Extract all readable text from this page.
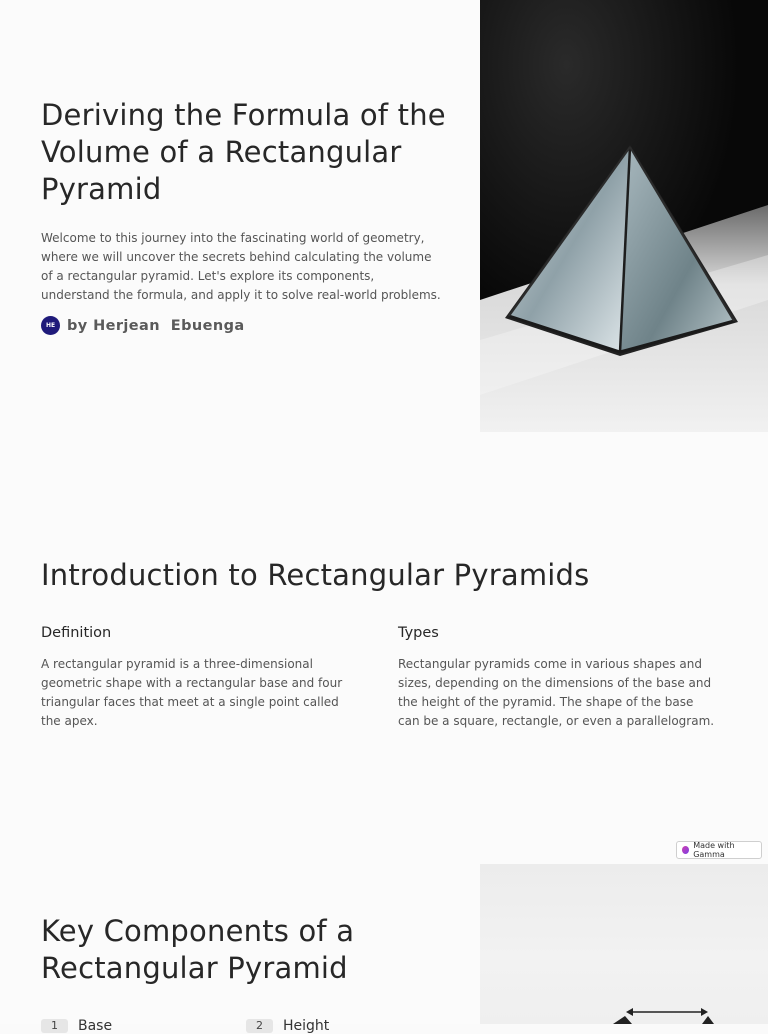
Deriving the Formula of the Volume of a Rectangular Pyramid

Welcome to this journey into the fascinating world of geometry, where we will uncover the secrets behind calculating the volume of a rectangular pyramid. Let's explore its components, understand the formula, and apply it to solve real-world problems.

HE by Herjean  Ebuenga
Introduction to Rectangular Pyramids
Definition

A rectangular pyramid is a three-dimensional geometric shape with a rectangular base and four triangular faces that meet at a single point called the apex.

Types

Rectangular pyramids come in various shapes and sizes, depending on the dimensions of the base and the height of the pyramid. The shape of the base can be a square, rectangle, or even a parallelogram.

Made with Gamma
Key Components of a Rectangular Pyramid
1	Base	2	Height
